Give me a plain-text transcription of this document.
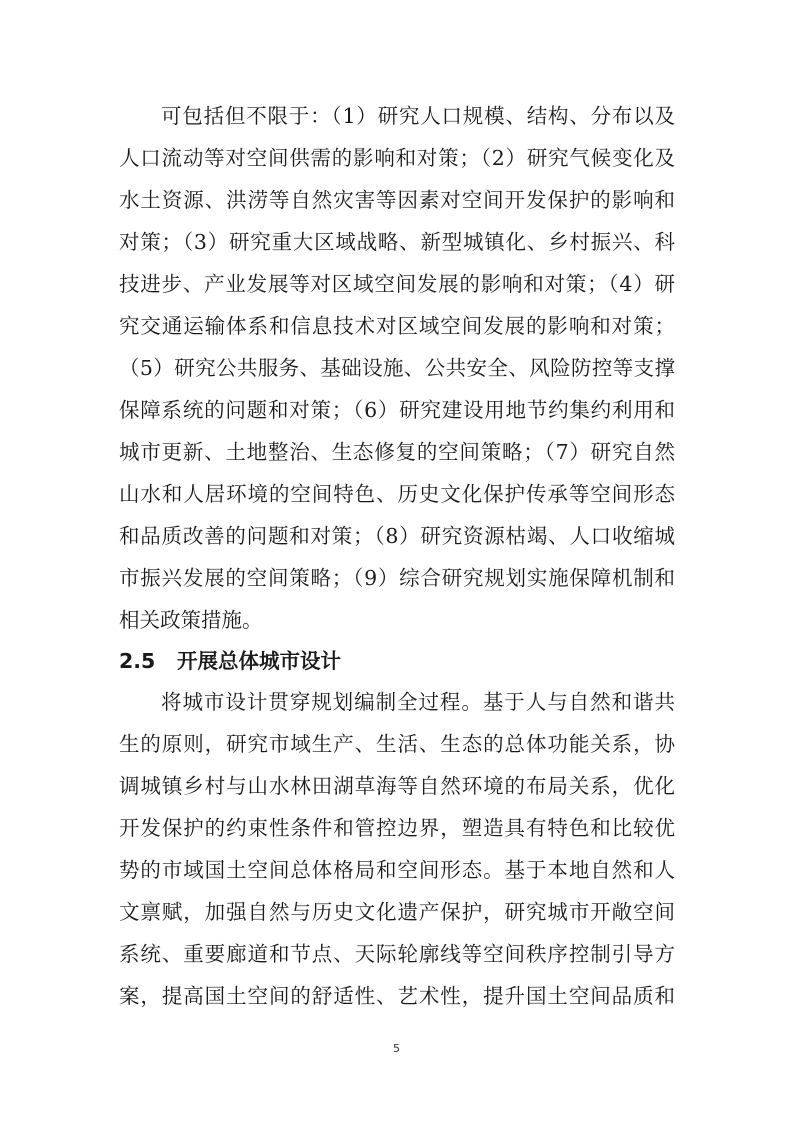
可包括但不限于：（1）研究人口规模、结构、分布以及
人口流动等对空间供需的影响和对策；（2）研究气候变化及
水土资源、洪涝等自然灾害等因素对空间开发保护的影响和
对策；（3）研究重大区域战略、新型城镇化、乡村振兴、科
技进步、产业发展等对区域空间发展的影响和对策；（4）研
究交通运输体系和信息技术对区域空间发展的影响和对策；
（5）研究公共服务、基础设施、公共安全、风险防控等支撑
保障系统的问题和对策；（6）研究建设用地节约集约利用和
城市更新、土地整治、生态修复的空间策略；（7）研究自然
山水和人居环境的空间特色、历史文化保护传承等空间形态
和品质改善的问题和对策；（8）研究资源枯竭、人口收缩城
市振兴发展的空间策略；（9）综合研究规划实施保障机制和
相关政策措施。
2.5 开展总体城市设计
将城市设计贯穿规划编制全过程。基于人与自然和谐共
生的原则，研究市域生产、生活、生态的总体功能关系，协
调城镇乡村与山水林田湖草海等自然环境的布局关系，优化
开发保护的约束性条件和管控边界，塑造具有特色和比较优
势的市域国土空间总体格局和空间形态。基于本地自然和人
文禀赋，加强自然与历史文化遗产保护，研究城市开敞空间
系统、重要廊道和节点、天际轮廓线等空间秩序控制引导方
案，提高国土空间的舒适性、艺术性，提升国土空间品质和
5
